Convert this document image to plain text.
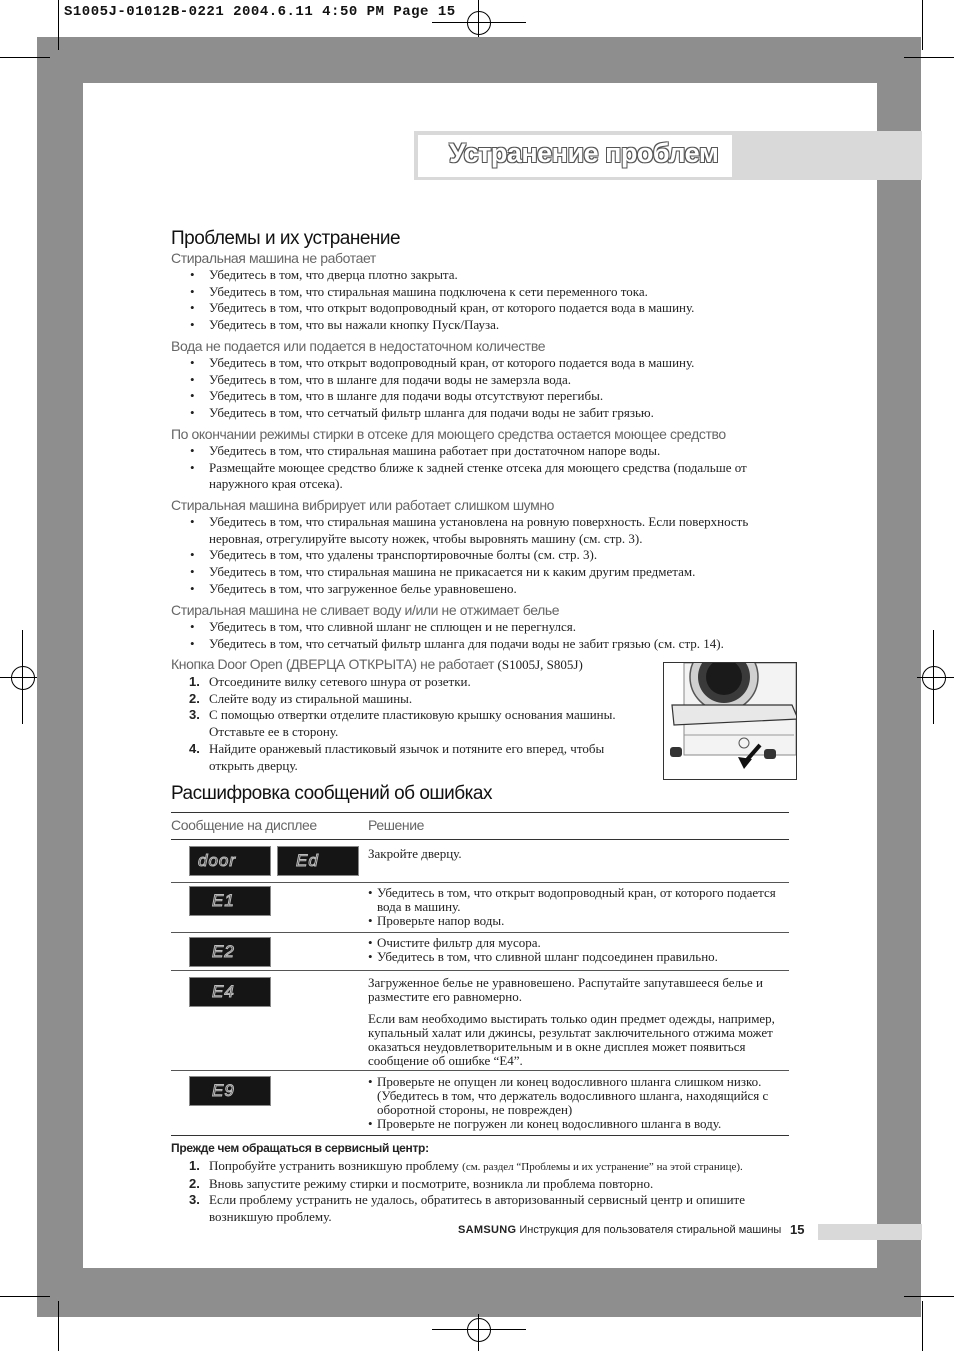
S1005J-01012B-0221 2004.6.11 4:50 PM Page 15
Устранение проблем
Проблемы и их устранение
Стиральная машина не работает
• Убедитесь в том, что дверца плотно закрыта.
• Убедитесь в том, что стиральная машина подключена к сети переменного тока.
• Убедитесь в том, что открыт водопроводный кран, от которого подается вода в машину.
• Убедитесь в том, что вы нажали кнопку Пуск/Пауза.
Вода не подается или подается в недостаточном количестве
• Убедитесь в том, что открыт водопроводный кран, от которого подается вода в машину.
• Убедитесь в том, что в шланге для подачи воды не замерзла вода.
• Убедитесь в том, что в шланге для подачи воды отсутствуют перегибы.
• Убедитесь в том, что сетчатый фильтр шланга для подачи воды не забит грязью.
По окончании режимы стирки в отсеке для моющего средства остается моющее средство
• Убедитесь в том, что стиральная машина работает при достаточном напоре воды.
• Размещайте моющее средство ближе к задней стенке отсека для моющего средства (подальше от наружного края отсека).
Стиральная машина вибрирует или работает слишком шумно
• Убедитесь в том, что стиральная машина установлена на ровную поверхность. Если поверхность неровная, отрегулируйте высоту ножек, чтобы выровнять машину (см. стр. 3).
• Убедитесь в том, что удалены транспортировочные болты (см. стр. 3).
• Убедитесь в том, что стиральная машина не прикасается ни к каким другим предметам.
• Убедитесь в том, что загруженное белье уравновешено.
Стиральная машина не сливает воду и/или не отжимает белье
• Убедитесь в том, что сливной шланг не сплющен и не перегнулся.
• Убедитесь в том, что сетчатый фильтр шланга для подачи воды не забит грязью (см. стр. 14).
Кнопка Door Open (ДВЕРЦА ОТКРЫТА) не работает (S1005J, S805J)
1. Отсоедините вилку сетевого шнура от розетки.
2. Слейте воду из стиральной машины.
3. С помощью отвертки отделите пластиковую крышку основания машины. Отставьте ее в сторону.
4. Найдите оранжевый пластиковый язычок и потяните его вперед, чтобы открыть дверцу.
Расшифровка сообщений об ошибках
Сообщение на дисплее	Решение
door	Ed	Закройте дверцу.
E1	• Убедитесь в том, что открыт водопроводный кран, от которого подается вода в машину.
• Проверьте напор воды.
E2	• Очистите фильтр для мусора.
• Убедитесь в том, что сливной шланг подсоединен правильно.
E4	Загруженное белье не уравновешено. Распутайте запутавшееся белье и разместите его равномерно.
Если вам необходимо выстирать только один предмет одежды, например, купальный халат или джинсы, результат заключительного отжима может оказаться неудовлетворительным и в окне дисплея может появиться сообщение об ошибке “E4”.
E9	• Проверьте не опущен ли конец водосливного шланга слишком низко. (Убедитесь в том, что держатель водосливного шланга, находящийся с оборотной стороны, не поврежден)
• Проверьте не погружен ли конец водосливного шланга в воду.
Прежде чем обращаться в сервисный центр:
1. Попробуйте устранить возникшую проблему (см. раздел “Проблемы и их устранение” на этой странице).
2. Вновь запустите режиму стирки и посмотрите, возникла ли проблема повторно.
3. Если проблему устранить не удалось, обратитесь в авторизованный сервисный центр и опишите возникшую проблему.
SAMSUNG Инструкция для пользователя стиральной машины 15
